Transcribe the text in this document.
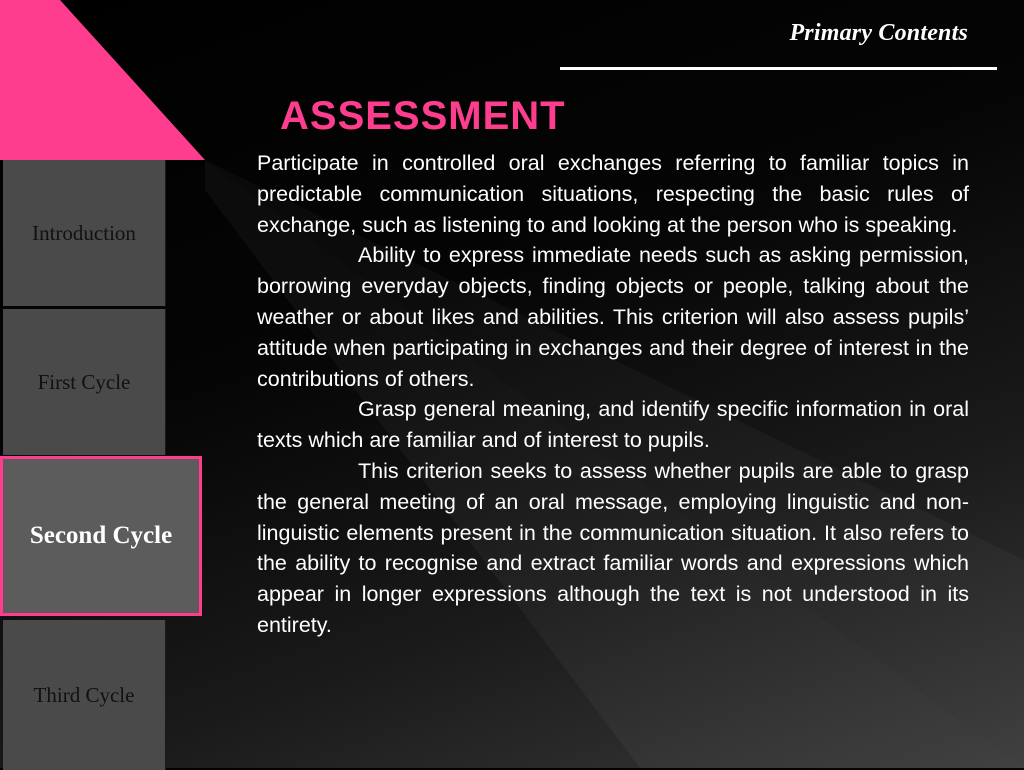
Primary Contents
ASSESSMENT
Introduction
First Cycle
Second Cycle
Third Cycle

Participate in controlled oral exchanges referring to familiar topics in predictable communication situations, respecting the basic rules of exchange, such as listening to and looking at the person who is speaking.

Ability to express immediate needs such as asking permission, borrowing everyday objects, finding objects or people, talking about the weather or about likes and abilities. This criterion will also assess pupils’ attitude when participating in exchanges and their degree of interest in the contributions of others.

Grasp general meaning, and identify specific information in oral texts which are familiar and of interest to pupils.

This criterion seeks to assess whether pupils are able to grasp the general meeting of an oral message, employing linguistic and non-linguistic elements present in the communication situation. It also refers to the ability to recognise and extract familiar words and expressions which appear in longer expressions although the text is not understood in its entirety.
